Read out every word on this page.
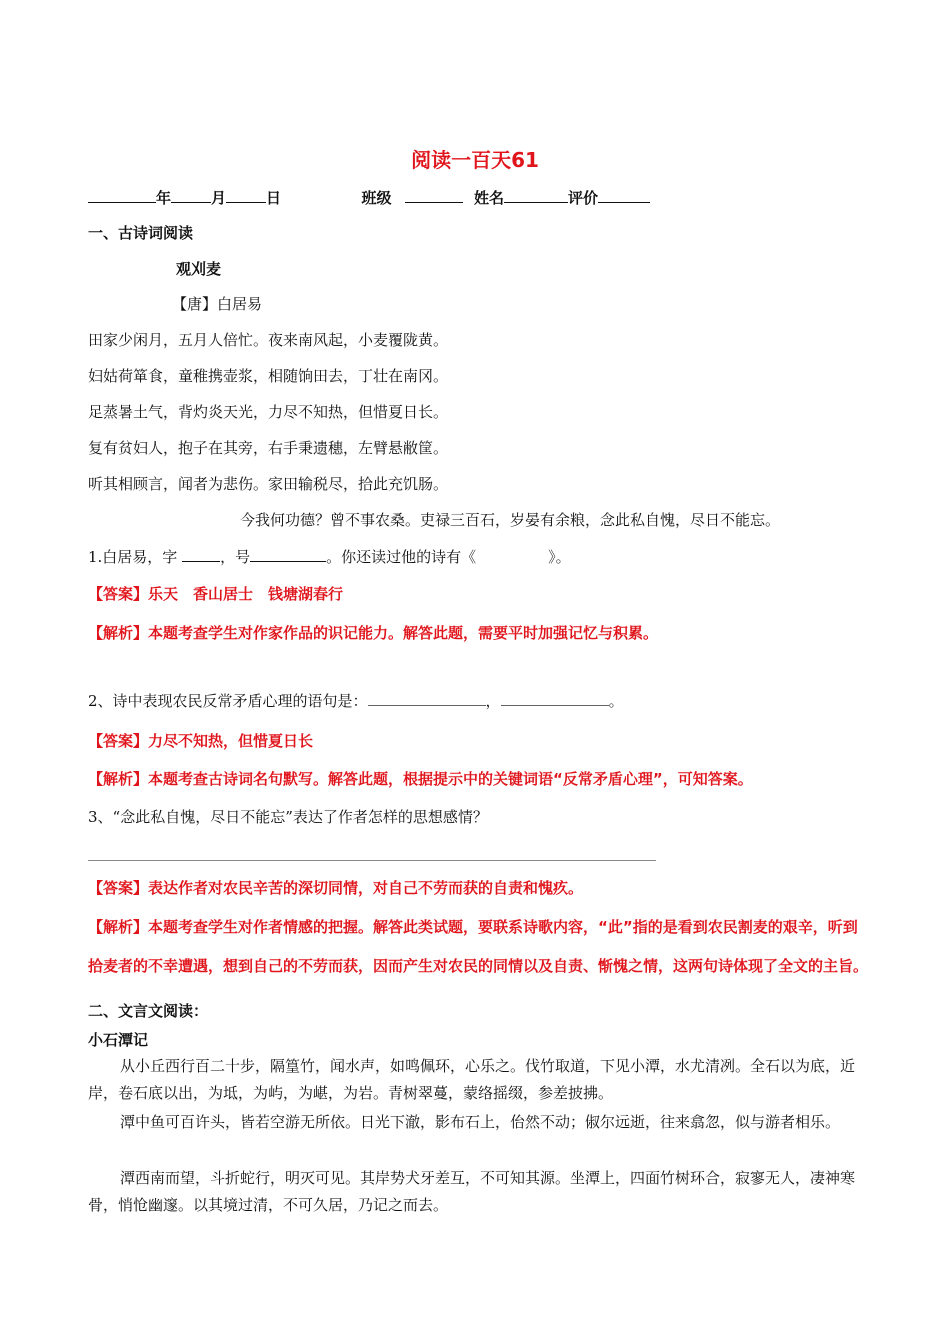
阅读一百天61
年	月	日	班级	姓名	评价
一、古诗词阅读
观刈麦
【唐】白居易
田家少闲月，五月人倍忙。夜来南风起，小麦覆陇黄。
妇姑荷箪食，童稚携壶浆，相随饷田去，丁壮在南冈。
足蒸暑土气，背灼炎天光，力尽不知热，但惜夏日长。
复有贫妇人，抱子在其旁，右手秉遗穗，左臂悬敝筐。
听其相顾言，闻者为悲伤。家田输税尽，拾此充饥肠。
今我何功德？曾不事农桑。吏禄三百石，岁晏有余粮，念此私自愧，尽日不能忘。
1.白居易，字	，号	。你还读过他的诗有《	》。
【答案】乐天　香山居士　钱塘湖春行
【解析】本题考查学生对作家作品的识记能力。解答此题，需要平时加强记忆与积累。
2、诗中表现农民反常矛盾心理的语句是：	，	。
【答案】力尽不知热，但惜夏日长
【解析】本题考查古诗词名句默写。解答此题，根据提示中的关键词语“反常矛盾心理”，可知答案。
3、“念此私自愧，尽日不能忘”表达了作者怎样的思想感情？
【答案】表达作者对农民辛苦的深切同情，对自己不劳而获的自责和愧疚。
【解析】本题考查学生对作者情感的把握。解答此类试题，要联系诗歌内容，“此”指的是看到农民割麦的艰辛，听到
拾麦者的不幸遭遇，想到自己的不劳而获，因而产生对农民的同情以及自责、惭愧之情，这两句诗体现了全文的主旨。
二、文言文阅读：
小石潭记
从小丘西行百二十步，隔篁竹，闻水声，如鸣佩环，心乐之。伐竹取道，下见小潭，水尤清冽。全石以为底，近岸，卷石底以出，为坻，为屿，为嵁，为岩。青树翠蔓，蒙络摇缀，参差披拂。
潭中鱼可百许头，皆若空游无所依。日光下澈，影布石上，佁然不动；俶尔远逝，往来翕忽，似与游者相乐。
潭西南而望，斗折蛇行，明灭可见。其岸势犬牙差互，不可知其源。坐潭上，四面竹树环合，寂寥无人，凄神寒骨，悄怆幽邃。以其境过清，不可久居，乃记之而去。
